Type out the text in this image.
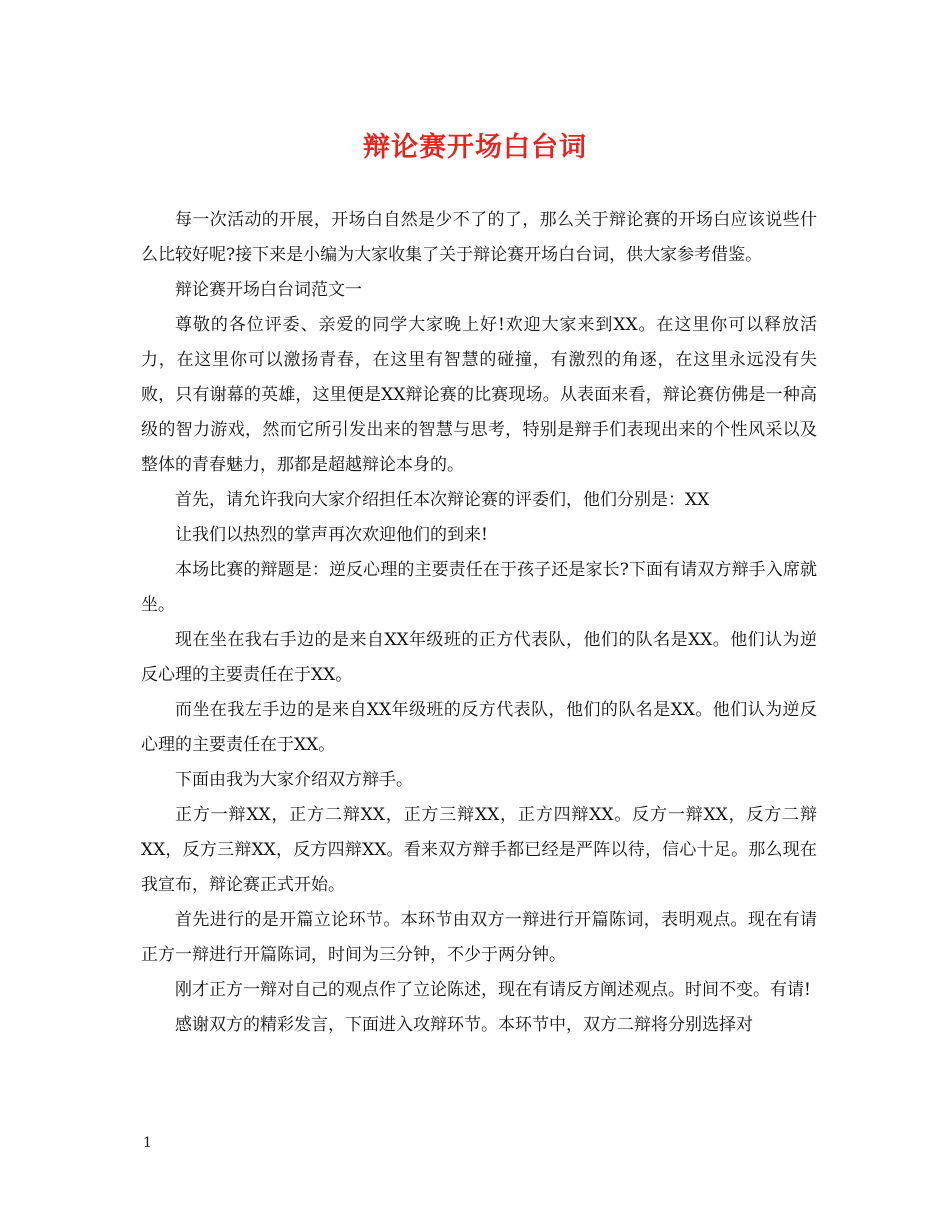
辩论赛开场白台词

每一次活动的开展，开场白自然是少不了的了，那么关于辩论赛的开场白应该说些什么比较好呢?接下来是小编为大家收集了关于辩论赛开场白台词，供大家参考借鉴。

辩论赛开场白台词范文一

尊敬的各位评委、亲爱的同学大家晚上好!欢迎大家来到XX。在这里你可以释放活力，在这里你可以激扬青春，在这里有智慧的碰撞，有激烈的角逐，在这里永远没有失败，只有谢幕的英雄，这里便是XX辩论赛的比赛现场。从表面来看，辩论赛仿佛是一种高级的智力游戏，然而它所引发出来的智慧与思考，特别是辩手们表现出来的个性风采以及整体的青春魅力，那都是超越辩论本身的。

首先，请允许我向大家介绍担任本次辩论赛的评委们，他们分别是：XX

让我们以热烈的掌声再次欢迎他们的到来!

本场比赛的辩题是：逆反心理的主要责任在于孩子还是家长?下面有请双方辩手入席就坐。

现在坐在我右手边的是来自XX年级班的正方代表队，他们的队名是XX。他们认为逆反心理的主要责任在于XX。

而坐在我左手边的是来自XX年级班的反方代表队，他们的队名是XX。他们认为逆反心理的主要责任在于XX。

下面由我为大家介绍双方辩手。

正方一辩XX，正方二辩XX，正方三辩XX，正方四辩XX。反方一辩XX，反方二辩XX，反方三辩XX，反方四辩XX。看来双方辩手都已经是严阵以待，信心十足。那么现在我宣布，辩论赛正式开始。

首先进行的是开篇立论环节。本环节由双方一辩进行开篇陈词，表明观点。现在有请正方一辩进行开篇陈词，时间为三分钟，不少于两分钟。

刚才正方一辩对自己的观点作了立论陈述，现在有请反方阐述观点。时间不变。有请!

感谢双方的精彩发言，下面进入攻辩环节。本环节中，双方二辩将分别选择对

1
